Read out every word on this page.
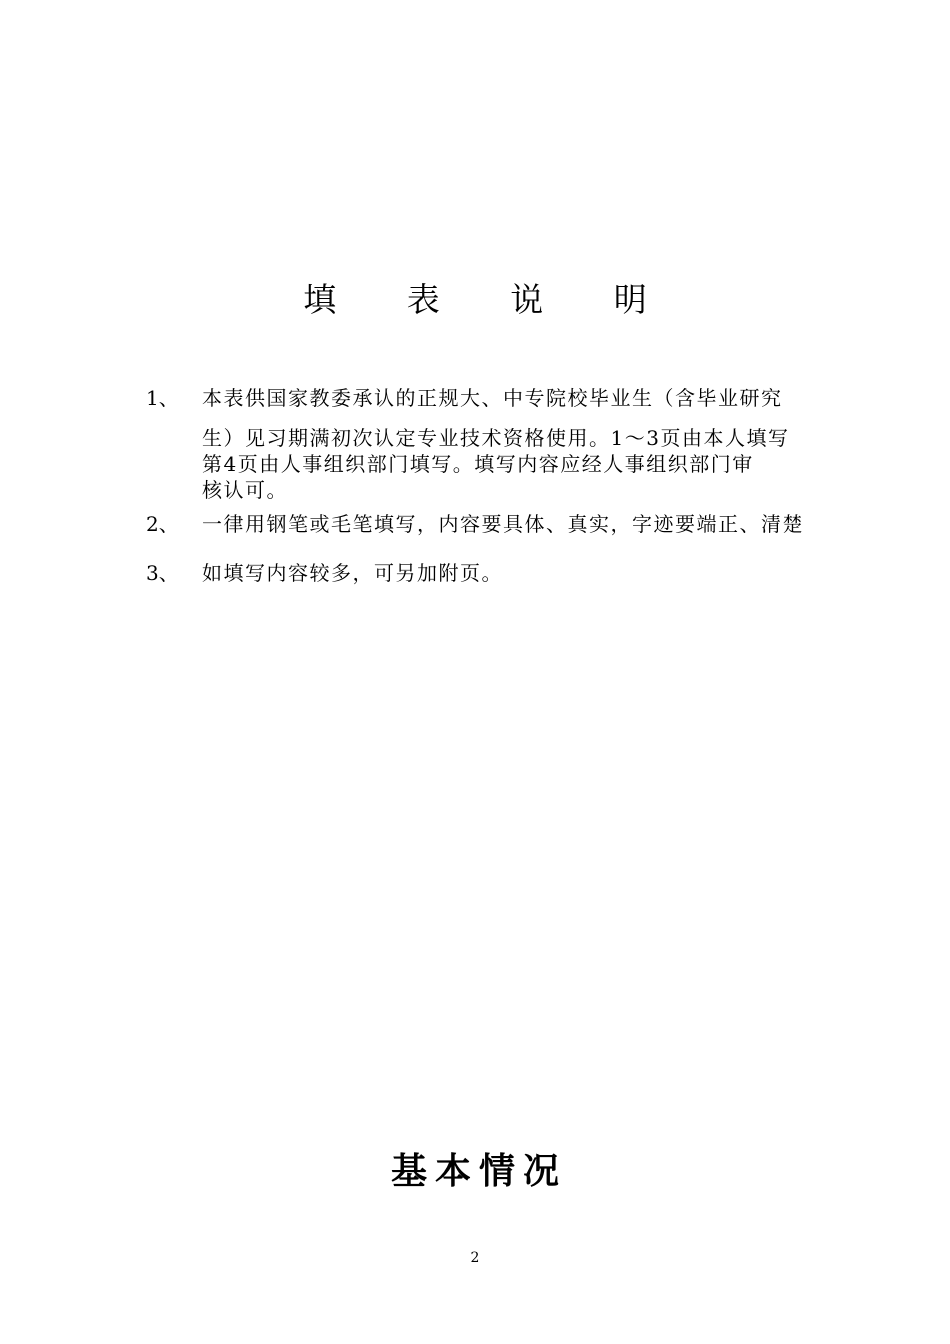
填 表 说 明
1、 本表供国家教委承认的正规大、中专院校毕业生（含毕业研究
生）见习期满初次认定专业技术资格使用。1～3页由本人填写
第4页由人事组织部门填写。填写内容应经人事组织部门审
核认可。
2、 一律用钢笔或毛笔填写，内容要具体、真实，字迹要端正、清楚
3、 如填写内容较多，可另加附页。
基本情况
2
